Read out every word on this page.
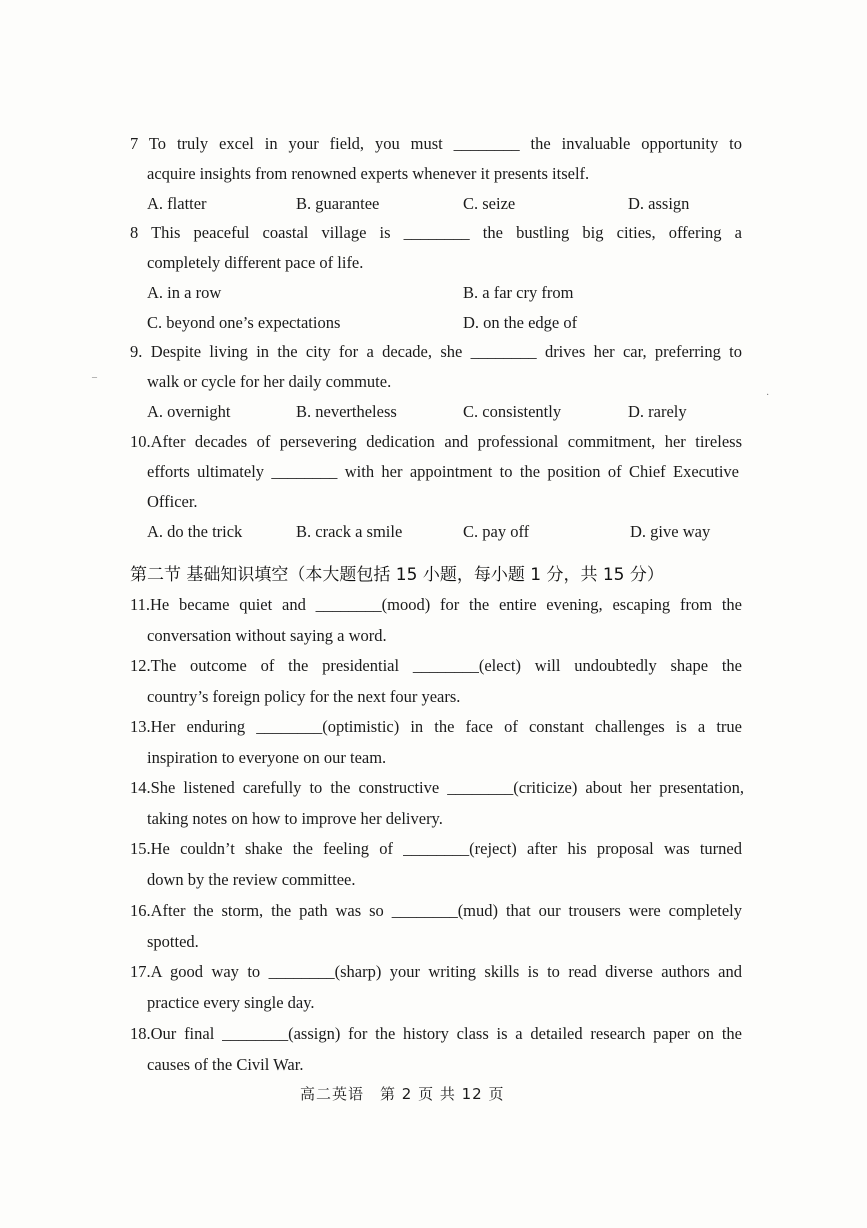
7 To truly excel in your field, you must ________ the invaluable opportunity to
acquire insights from renowned experts whenever it presents itself.
A. flatter	B. guarantee	C. seize	D. assign
8 This peaceful coastal village is ________ the bustling big cities, offering a
completely different pace of life.
A. in a row	B. a far cry from
C. beyond one’s expectations	D. on the edge of
9. Despite living in the city for a decade, she ________ drives her car, preferring to
walk or cycle for her daily commute.
A. overnight	B. nevertheless	C. consistently	D. rarely
10.After decades of persevering dedication and professional commitment, her tireless
efforts ultimately ________ with her appointment to the position of Chief Executive
Officer.
A. do the trick	B. crack a smile	C. pay off	D. give way
第二节 基础知识填空（本大题包括 15 小题，每小题 1 分，共 15 分）
11.He became quiet and ________(mood) for the entire evening, escaping from the
conversation without saying a word.
12.The outcome of the presidential ________(elect) will undoubtedly shape the
country’s foreign policy for the next four years.
13.Her enduring ________(optimistic) in the face of constant challenges is a true
inspiration to everyone on our team.
14.She listened carefully to the constructive ________(criticize) about her presentation,
taking notes on how to improve her delivery.
15.He couldn’t shake the feeling of ________(reject) after his proposal was turned
down by the review committee.
16.After the storm, the path was so ________(mud) that our trousers were completely
spotted.
17.A good way to ________(sharp) your writing skills is to read diverse authors and
practice every single day.
18.Our final ________(assign) for the history class is a detailed research paper on the
causes of the Civil War.
高二英语　第 2 页 共 12 页
–
·
